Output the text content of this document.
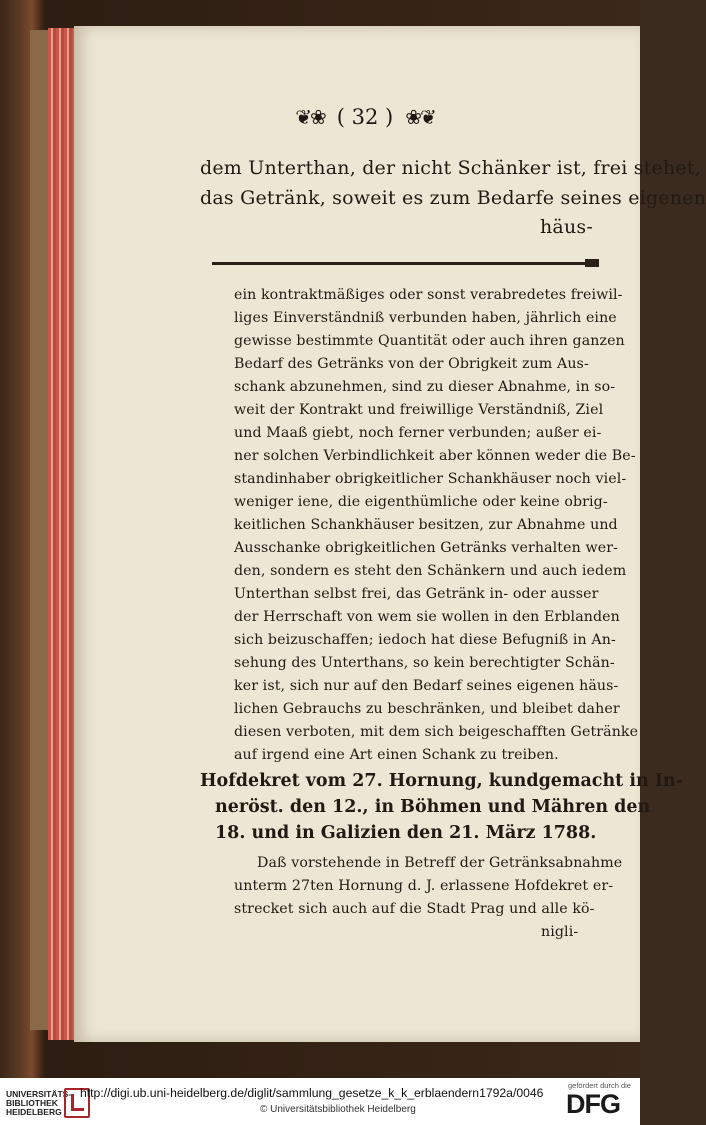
❦❀ ( 32 ) ❀❦
dem Unterthan, der nicht Schänker ist, frei stehet,
das Getränk, soweit es zum Bedarfe seines eigenen
häus-
ein kontraktmäßiges oder sonst verabredetes freiwil-
liges Einverständniß verbunden haben, jährlich eine
gewisse bestimmte Quantität oder auch ihren ganzen
Bedarf des Getränks von der Obrigkeit zum Aus-
schank abzunehmen, sind zu dieser Abnahme, in so-
weit der Kontrakt und freiwillige Verständniß, Ziel
und Maaß giebt, noch ferner verbunden; außer ei-
ner solchen Verbindlichkeit aber können weder die Be-
standinhaber obrigkeitlicher Schankhäuser noch viel-
weniger iene, die eigenthümliche oder keine obrig-
keitlichen Schankhäuser besitzen, zur Abnahme und
Ausschanke obrigkeitlichen Getränks verhalten wer-
den, sondern es steht den Schänkern und auch iedem
Unterthan selbst frei, das Getränk in- oder ausser
der Herrschaft von wem sie wollen in den Erblanden
sich beizuschaffen; iedoch hat diese Befugniß in An-
sehung des Unterthans, so kein berechtigter Schän-
ker ist, sich nur auf den Bedarf seines eigenen häus-
lichen Gebrauchs zu beschränken, und bleibet daher
diesen verboten, mit dem sich beigeschafften Getränke
auf irgend eine Art einen Schank zu treiben.
Hofdekret vom 27. Hornung, kundgemacht in In-
neröst. den 12., in Böhmen und Mähren den
18. und in Galizien den 21. März 1788.
Daß vorstehende in Betreff der Getränksabnahme
unterm 27ten Hornung d. J. erlassene Hofdekret er-
strecket sich auch auf die Stadt Prag und alle kö-
nigli-
UNIVERSITÄTS-
BIBLIOTHEK
HEIDELBERG
http://digi.ub.uni-heidelberg.de/diglit/sammlung_gesetze_k_k_erblaendern1792a/0046
© Universitätsbibliothek Heidelberg
gefördert durch die
DFG
